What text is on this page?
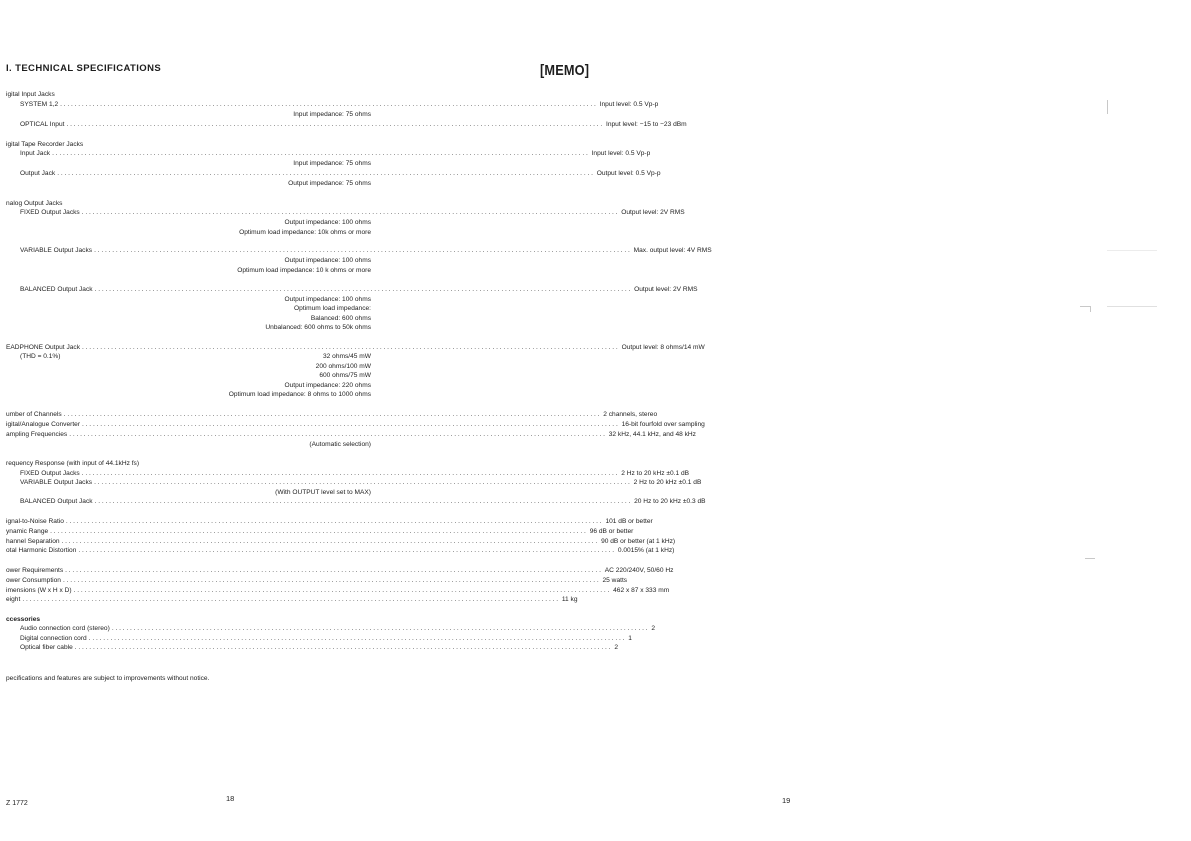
I. TECHNICAL SPECIFICATIONS
igital Input Jacks
SYSTEM 1,2 .................................................................................................................................................... Input level: 0.5 Vp-p
Input impedance: 75 ohms
OPTICAL Input .................................................................................................................................................... Input level: −15 to −23 dBm
igital Tape Recorder Jacks
Input Jack .................................................................................................................................................... Input level: 0.5 Vp-p
Input impedance: 75 ohms
Output Jack .................................................................................................................................................... Output level: 0.5 Vp-p
Output impedance: 75 ohms
nalog Output Jacks
FIXED Output Jacks .................................................................................................................................................... Output level: 2V RMS
Output impedance: 100 ohms
Optimum load impedance: 10k ohms or more
VARIABLE Output Jacks .................................................................................................................................................... Max. output level: 4V RMS
Output impedance: 100 ohms
Optimum load impedance: 10 k ohms or more
BALANCED Output Jack .................................................................................................................................................... Output level: 2V RMS
Output impedance: 100 ohms
Optimum load impedance:
Balanced: 600 ohms
Unbalanced: 600 ohms to 50k ohms
EADPHONE Output Jack .................................................................................................................................................... Output level: 8 ohms/14 mW
(THD = 0.1%)	32 ohms/45 mW
200 ohms/100 mW
600 ohms/75 mW
Output impedance: 220 ohms
Optimum load impedance: 8 ohms to 1000 ohms
umber of Channels .................................................................................................................................................... 2 channels, stereo
igital/Analogue Converter .................................................................................................................................................... 16-bit fourfold over sampling
ampling Frequencies .................................................................................................................................................... 32 kHz, 44.1 kHz, and 48 kHz
(Automatic selection)
requency Response (with input of 44.1kHz fs)
FIXED Output Jacks .................................................................................................................................................... 2 Hz to 20 kHz ±0.1 dB
VARIABLE Output Jacks .................................................................................................................................................... 2 Hz to 20 kHz ±0.1 dB
(With OUTPUT level set to MAX)
BALANCED Output Jack .................................................................................................................................................... 20 Hz to 20 kHz ±0.3 dB
ignal-to-Noise Ratio .................................................................................................................................................... 101 dB or better
ynamic Range .................................................................................................................................................... 96 dB or better
hannel Separation .................................................................................................................................................... 90 dB or better (at 1 kHz)
otal Harmonic Distortion .................................................................................................................................................... 0.0015% (at 1 kHz)
ower Requirements .................................................................................................................................................... AC 220/240V, 50/60 Hz
ower Consumption .................................................................................................................................................... 25 watts
imensions (W x H x D) .................................................................................................................................................... 462 x 87 x 333 mm
eight .................................................................................................................................................... 11 kg
ccessories
Audio connection cord (stereo) .................................................................................................................................................... 2
Digital connection cord .................................................................................................................................................... 1
Optical fiber cable .................................................................................................................................................... 2
pecifications and features are subject to improvements without notice.
Z 1772
18
[MEMO]
19
